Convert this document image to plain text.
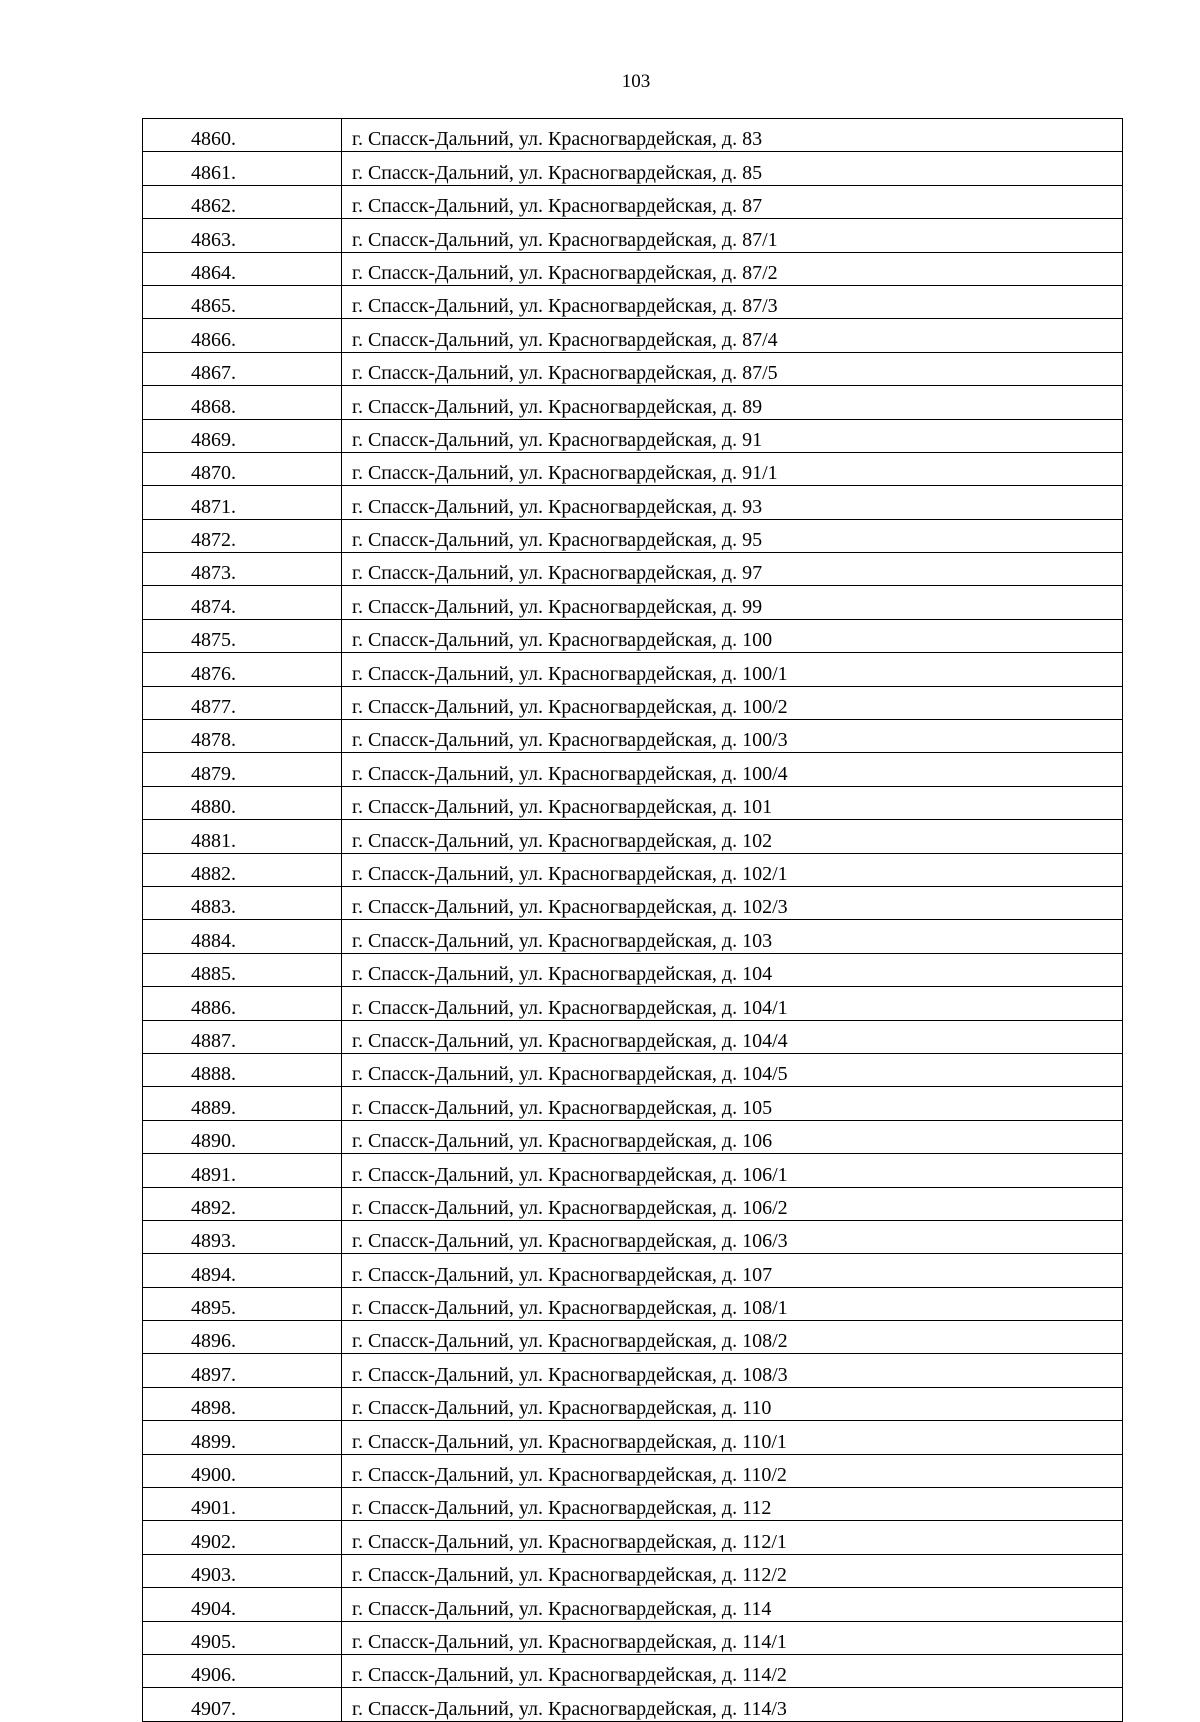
103
4860.	г. Спасск-Дальний, ул. Красногвардейская, д. 83
4861.	г. Спасск-Дальний, ул. Красногвардейская, д. 85
4862.	г. Спасск-Дальний, ул. Красногвардейская, д. 87
4863.	г. Спасск-Дальний, ул. Красногвардейская, д. 87/1
4864.	г. Спасск-Дальний, ул. Красногвардейская, д. 87/2
4865.	г. Спасск-Дальний, ул. Красногвардейская, д. 87/3
4866.	г. Спасск-Дальний, ул. Красногвардейская, д. 87/4
4867.	г. Спасск-Дальний, ул. Красногвардейская, д. 87/5
4868.	г. Спасск-Дальний, ул. Красногвардейская, д. 89
4869.	г. Спасск-Дальний, ул. Красногвардейская, д. 91
4870.	г. Спасск-Дальний, ул. Красногвардейская, д. 91/1
4871.	г. Спасск-Дальний, ул. Красногвардейская, д. 93
4872.	г. Спасск-Дальний, ул. Красногвардейская, д. 95
4873.	г. Спасск-Дальний, ул. Красногвардейская, д. 97
4874.	г. Спасск-Дальний, ул. Красногвардейская, д. 99
4875.	г. Спасск-Дальний, ул. Красногвардейская, д. 100
4876.	г. Спасск-Дальний, ул. Красногвардейская, д. 100/1
4877.	г. Спасск-Дальний, ул. Красногвардейская, д. 100/2
4878.	г. Спасск-Дальний, ул. Красногвардейская, д. 100/3
4879.	г. Спасск-Дальний, ул. Красногвардейская, д. 100/4
4880.	г. Спасск-Дальний, ул. Красногвардейская, д. 101
4881.	г. Спасск-Дальний, ул. Красногвардейская, д. 102
4882.	г. Спасск-Дальний, ул. Красногвардейская, д. 102/1
4883.	г. Спасск-Дальний, ул. Красногвардейская, д. 102/3
4884.	г. Спасск-Дальний, ул. Красногвардейская, д. 103
4885.	г. Спасск-Дальний, ул. Красногвардейская, д. 104
4886.	г. Спасск-Дальний, ул. Красногвардейская, д. 104/1
4887.	г. Спасск-Дальний, ул. Красногвардейская, д. 104/4
4888.	г. Спасск-Дальний, ул. Красногвардейская, д. 104/5
4889.	г. Спасск-Дальний, ул. Красногвардейская, д. 105
4890.	г. Спасск-Дальний, ул. Красногвардейская, д. 106
4891.	г. Спасск-Дальний, ул. Красногвардейская, д. 106/1
4892.	г. Спасск-Дальний, ул. Красногвардейская, д. 106/2
4893.	г. Спасск-Дальний, ул. Красногвардейская, д. 106/3
4894.	г. Спасск-Дальний, ул. Красногвардейская, д. 107
4895.	г. Спасск-Дальний, ул. Красногвардейская, д. 108/1
4896.	г. Спасск-Дальний, ул. Красногвардейская, д. 108/2
4897.	г. Спасск-Дальний, ул. Красногвардейская, д. 108/3
4898.	г. Спасск-Дальний, ул. Красногвардейская, д. 110
4899.	г. Спасск-Дальний, ул. Красногвардейская, д. 110/1
4900.	г. Спасск-Дальний, ул. Красногвардейская, д. 110/2
4901.	г. Спасск-Дальний, ул. Красногвардейская, д. 112
4902.	г. Спасск-Дальний, ул. Красногвардейская, д. 112/1
4903.	г. Спасск-Дальний, ул. Красногвардейская, д. 112/2
4904.	г. Спасск-Дальний, ул. Красногвардейская, д. 114
4905.	г. Спасск-Дальний, ул. Красногвардейская, д. 114/1
4906.	г. Спасск-Дальний, ул. Красногвардейская, д. 114/2
4907.	г. Спасск-Дальний, ул. Красногвардейская, д. 114/3
